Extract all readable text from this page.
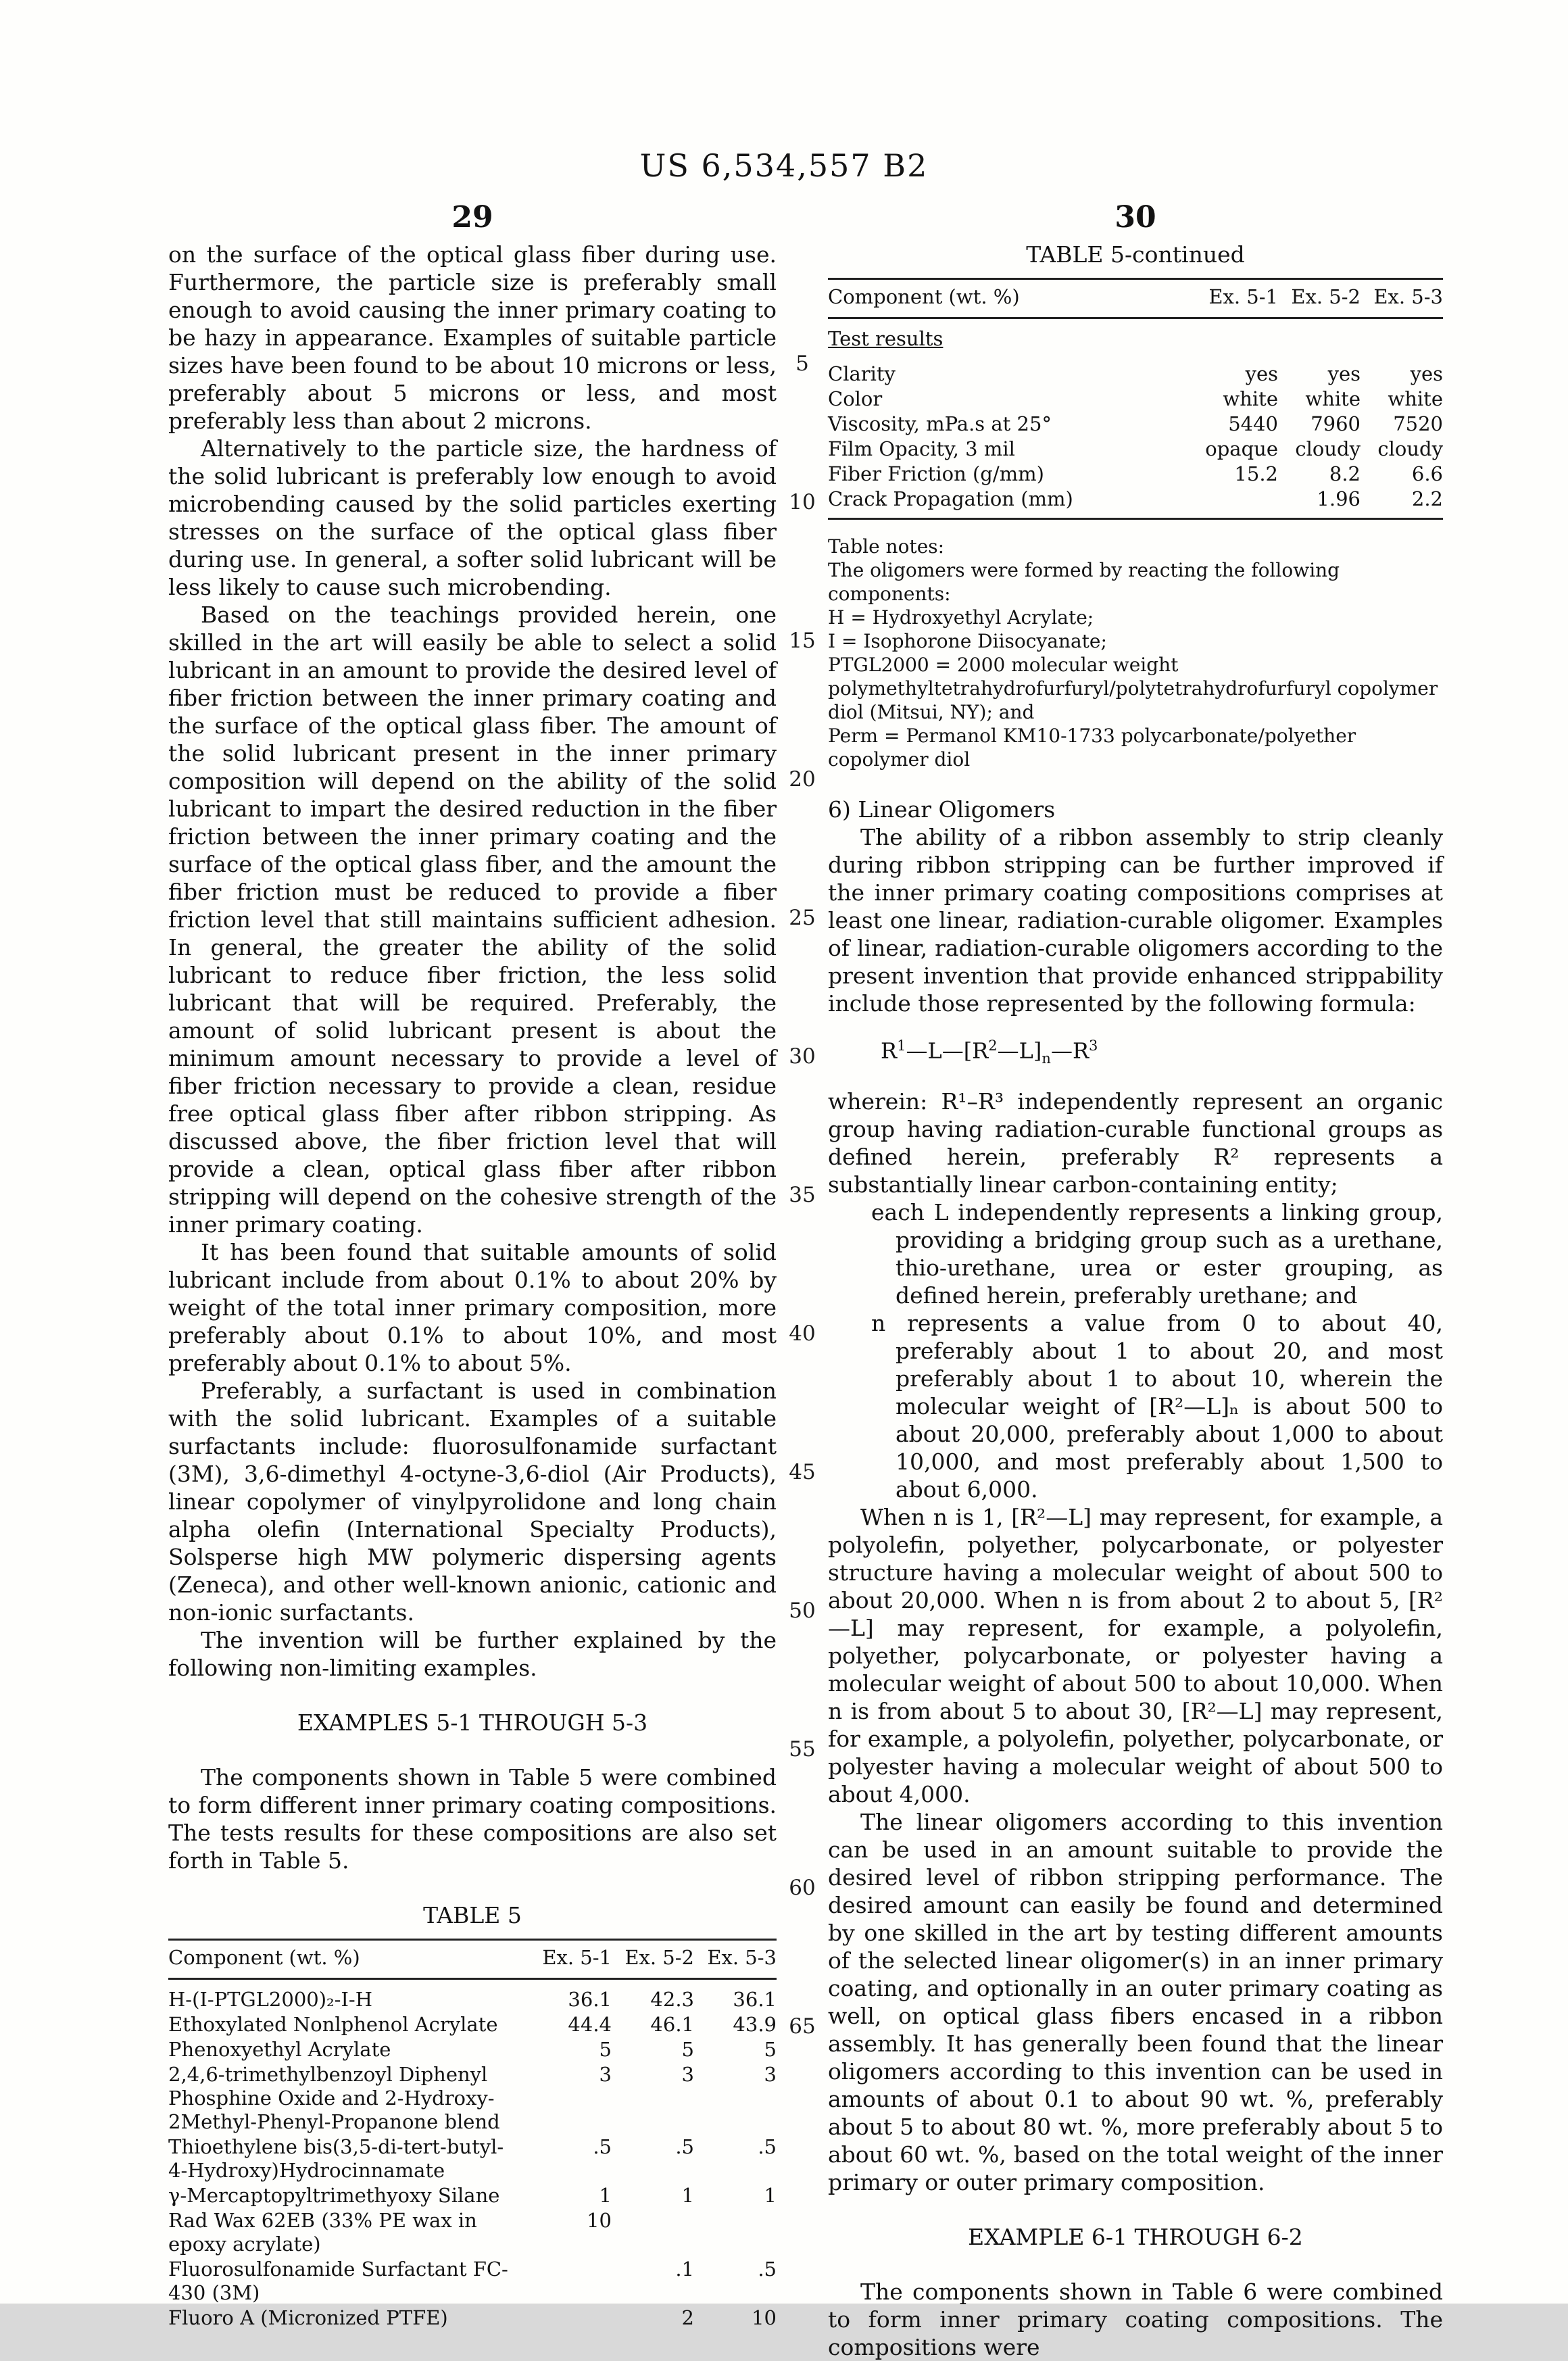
US 6,534,557 B2
29	30
5
10
15
20
25
30
35
40
45
50
55
60
65

on the surface of the optical glass fiber during use. Furthermore, the particle size is preferably small enough to avoid causing the inner primary coating to be hazy in appearance. Examples of suitable particle sizes have been found to be about 10 microns or less, preferably about 5 microns or less, and most preferably less than about 2 microns.

Alternatively to the particle size, the hardness of the solid lubricant is preferably low enough to avoid microbending caused by the solid particles exerting stresses on the surface of the optical glass fiber during use. In general, a softer solid lubricant will be less likely to cause such microbending.

Based on the teachings provided herein, one skilled in the art will easily be able to select a solid lubricant in an amount to provide the desired level of fiber friction between the inner primary coating and the surface of the optical glass fiber. The amount of the solid lubricant present in the inner primary composition will depend on the ability of the solid lubricant to impart the desired reduction in the fiber friction between the inner primary coating and the surface of the optical glass fiber, and the amount the fiber friction must be reduced to provide a fiber friction level that still maintains sufficient adhesion. In general, the greater the ability of the solid lubricant to reduce fiber friction, the less solid lubricant that will be required. Preferably, the amount of solid lubricant present is about the minimum amount necessary to provide a level of fiber friction necessary to provide a clean, residue free optical glass fiber after ribbon stripping. As discussed above, the fiber friction level that will provide a clean, optical glass fiber after ribbon stripping will depend on the cohesive strength of the inner primary coating.

It has been found that suitable amounts of solid lubricant include from about 0.1% to about 20% by weight of the total inner primary composition, more preferably about 0.1% to about 10%, and most preferably about 0.1% to about 5%.

Preferably, a surfactant is used in combination with the solid lubricant. Examples of a suitable surfactants include: fluorosulfonamide surfactant (3M), 3,6-dimethyl 4-octyne-3,6-diol (Air Products), linear copolymer of vinylpyrolidone and long chain alpha olefin (International Specialty Products), Solsperse high MW polymeric dispersing agents (Zeneca), and other well-known anionic, cationic and non-ionic surfactants.

The invention will be further explained by the following non-limiting examples.

EXAMPLES 5-1 THROUGH 5-3

The components shown in Table 5 were combined to form different inner primary coating compositions. The tests results for these compositions are also set forth in Table 5.

TABLE 5
Component (wt. %)	Ex. 5-1	Ex. 5-2	Ex. 5-3
H-(I-PTGL2000)₂-I-H	36.1	42.3	36.1
Ethoxylated Nonlphenol Acrylate	44.4	46.1	43.9
Phenoxyethyl Acrylate	5	5	5
2,4,6-trimethylbenzoyl Diphenyl Phosphine Oxide and 2-Hydroxy-2Methyl-Phenyl-Propanone blend	3	3	3
Thioethylene bis(3,5-di-tert-butyl-4-Hydroxy)Hydrocinnamate	.5	.5	.5
γ-Mercaptopyltrimethyoxy Silane	1	1	1
Rad Wax 62EB (33% PE wax in epoxy acrylate)	10		
Fluorosulfonamide Surfactant FC-430 (3M)		.1	.5
Fluoro A (Micronized PTFE)		2	10
TABLE 5-continued
Component (wt. %)	Ex. 5-1	Ex. 5-2	Ex. 5-3
Test results			
Clarity	yes	yes	yes
Color	white	white	white
Viscosity, mPa.s at 25°	5440	7960	7520
Film Opacity, 3 mil	opaque	cloudy	cloudy
Fiber Friction (g/mm)	15.2	8.2	6.6
Crack Propagation (mm)		1.96	2.2
Table notes:
The oligomers were formed by reacting the following components:
H = Hydroxyethyl Acrylate;
I = Isophorone Diisocyanate;
PTGL2000 = 2000 molecular weight polymethyltetrahydrofurfuryl/polytetrahydrofurfuryl copolymer diol (Mitsui, NY); and
Perm = Permanol KM10-1733 polycarbonate/polyether copolymer diol

6) Linear Oligomers

The ability of a ribbon assembly to strip cleanly during ribbon stripping can be further improved if the inner primary coating compositions comprises at least one linear, radiation-curable oligomer. Examples of linear, radiation-curable oligomers according to the present invention that provide enhanced strippability include those represented by the following formula:

$R^1—L—[R^2—L]_n—R^3$

wherein: R¹–R³ independently represent an organic group having radiation-curable functional groups as defined herein, preferably R² represents a substantially linear carbon-containing entity;

each L independently represents a linking group, providing a bridging group such as a urethane, thio-urethane, urea or ester grouping, as defined herein, preferably urethane; and

n represents a value from 0 to about 40, preferably about 1 to about 20, and most preferably about 1 to about 10, wherein the molecular weight of [R²—L]ₙ is about 500 to about 20,000, preferably about 1,000 to about 10,000, and most preferably about 1,500 to about 6,000.

When n is 1, [R²—L] may represent, for example, a polyolefin, polyether, polycarbonate, or polyester structure having a molecular weight of about 500 to about 20,000. When n is from about 2 to about 5, [R²—L] may represent, for example, a polyolefin, polyether, polycarbonate, or polyester having a molecular weight of about 500 to about 10,000. When n is from about 5 to about 30, [R²—L] may represent, for example, a polyolefin, polyether, polycarbonate, or polyester having a molecular weight of about 500 to about 4,000.

The linear oligomers according to this invention can be used in an amount suitable to provide the desired level of ribbon stripping performance. The desired amount can easily be found and determined by one skilled in the art by testing different amounts of the selected linear oligomer(s) in an inner primary coating, and optionally in an outer primary coating as well, on optical glass fibers encased in a ribbon assembly. It has generally been found that the linear oligomers according to this invention can be used in amounts of about 0.1 to about 90 wt. %, preferably about 5 to about 80 wt. %, more preferably about 5 to about 60 wt. %, based on the total weight of the inner primary or outer primary composition.

EXAMPLE 6-1 THROUGH 6-2

The components shown in Table 6 were combined to form inner primary coating compositions. The compositions were
